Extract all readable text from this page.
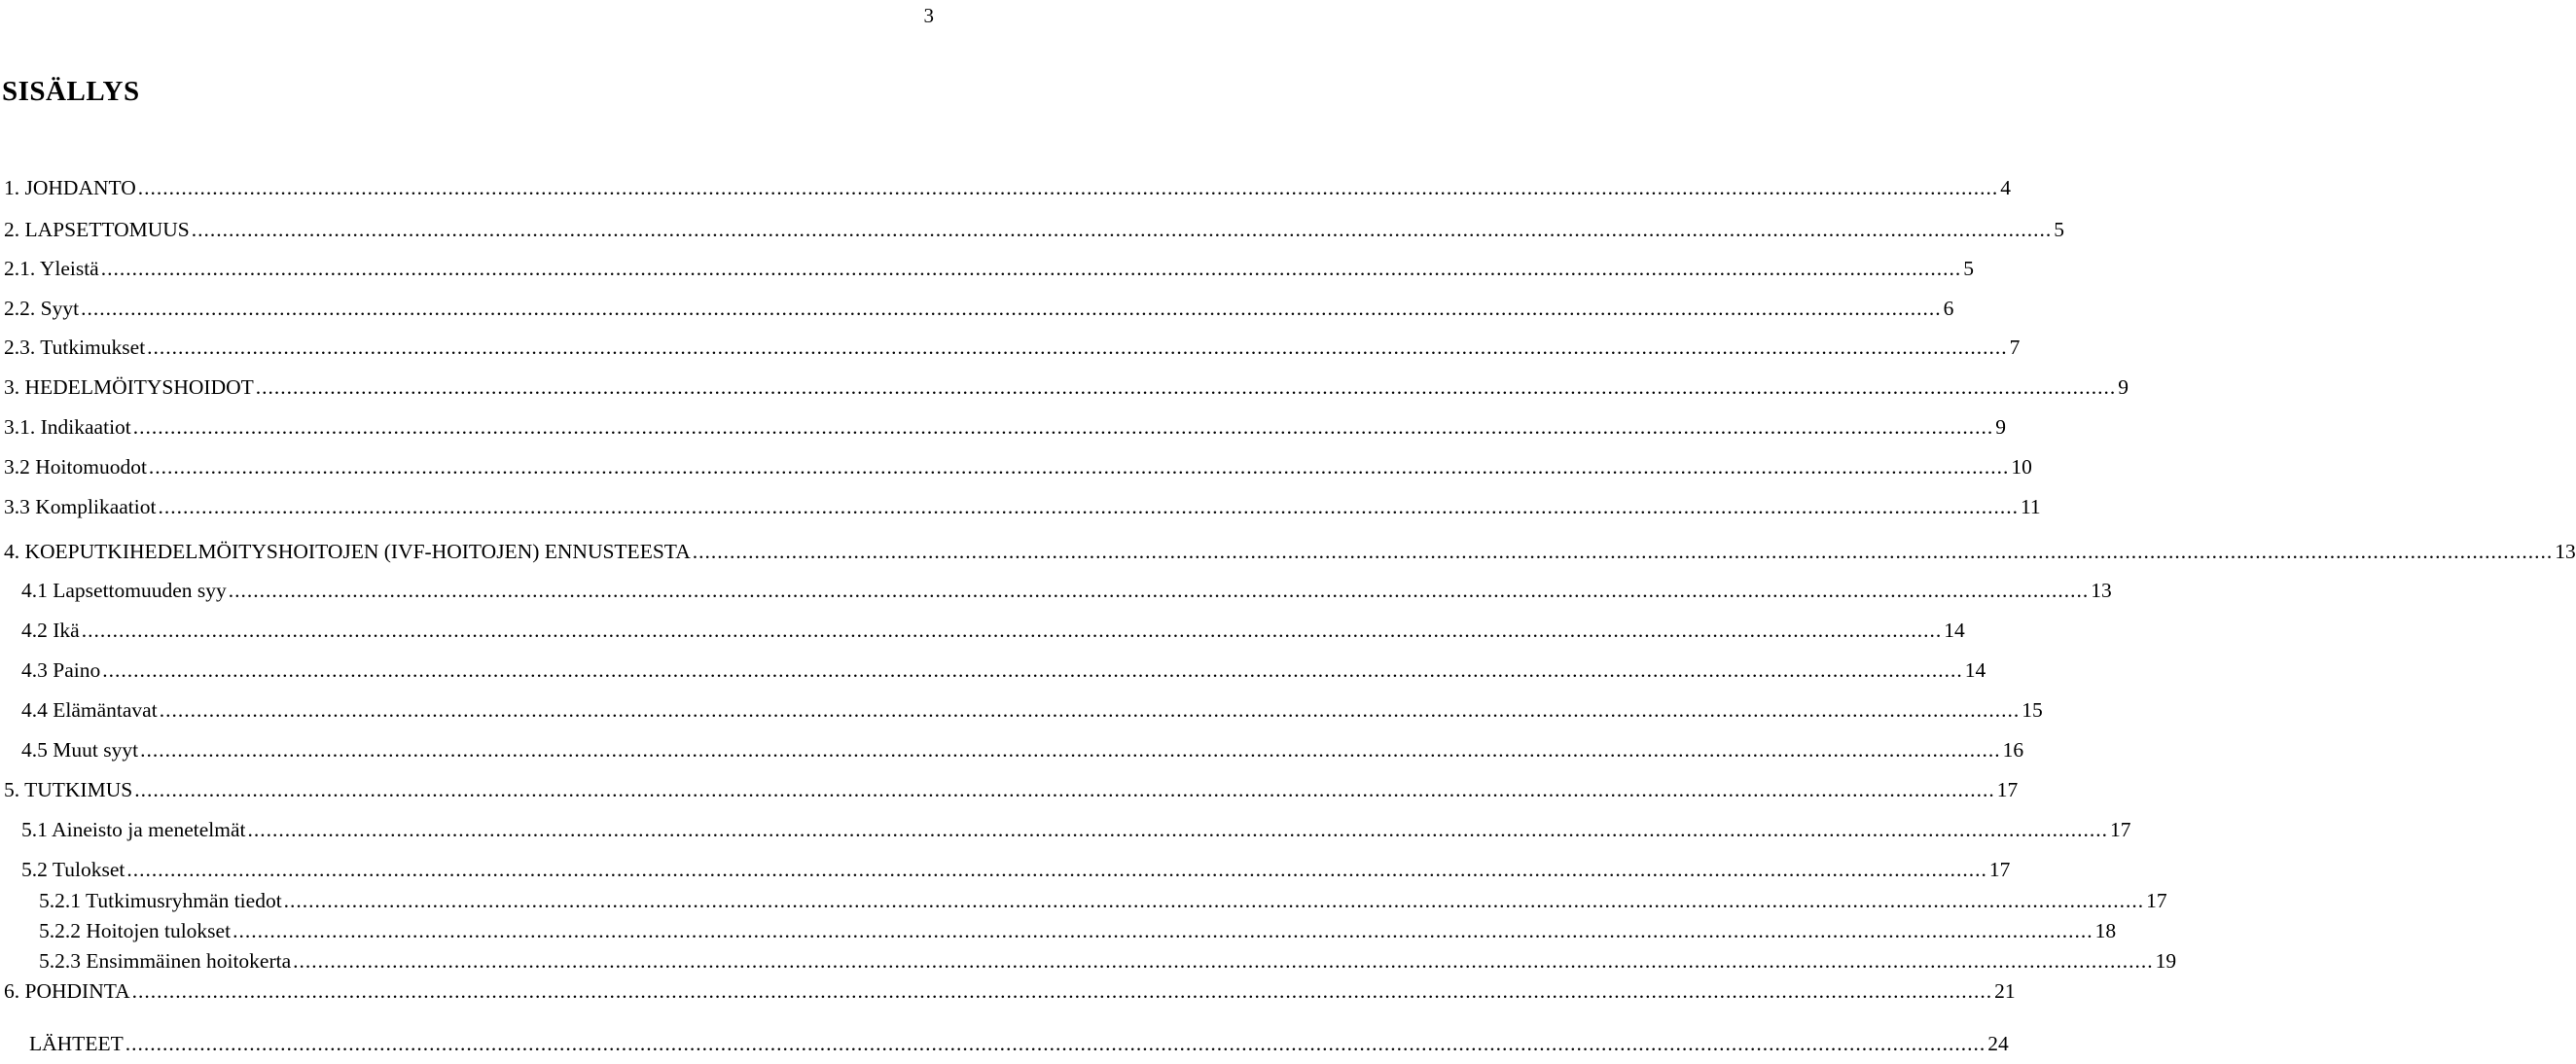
3
SISÄLLYS
1. JOHDANTO ............................................................................................................................................................................................................................................................................................................ 4
2. LAPSETTOMUUS ............................................................................................................................................................................................................................................................................................................ 5
2.1. Yleistä ............................................................................................................................................................................................................................................................................................................ 5
2.2. Syyt ............................................................................................................................................................................................................................................................................................................ 6
2.3. Tutkimukset ............................................................................................................................................................................................................................................................................................................ 7
3. HEDELMÖITYSHOIDOT ............................................................................................................................................................................................................................................................................................................ 9
3.1. Indikaatiot ............................................................................................................................................................................................................................................................................................................ 9
3.2 Hoitomuodot ............................................................................................................................................................................................................................................................................................................ 10
3.3 Komplikaatiot ............................................................................................................................................................................................................................................................................................................ 11
4. KOEPUTKIHEDELMÖITYSHOITOJEN (IVF-HOITOJEN) ENNUSTEESTA ............................................................................................................................................................................................................................................................................................................ 13
4.1 Lapsettomuuden syy ............................................................................................................................................................................................................................................................................................................ 13
4.2 Ikä ............................................................................................................................................................................................................................................................................................................ 14
4.3 Paino ............................................................................................................................................................................................................................................................................................................ 14
4.4 Elämäntavat ............................................................................................................................................................................................................................................................................................................ 15
4.5 Muut syyt ............................................................................................................................................................................................................................................................................................................ 16
5. TUTKIMUS ............................................................................................................................................................................................................................................................................................................ 17
5.1 Aineisto ja menetelmät ............................................................................................................................................................................................................................................................................................................ 17
5.2 Tulokset ............................................................................................................................................................................................................................................................................................................ 17
5.2.1 Tutkimusryhmän tiedot ............................................................................................................................................................................................................................................................................................................ 17
5.2.2 Hoitojen tulokset ............................................................................................................................................................................................................................................................................................................ 18
5.2.3 Ensimmäinen hoitokerta ............................................................................................................................................................................................................................................................................................................ 19
6. POHDINTA ............................................................................................................................................................................................................................................................................................................ 21
LÄHTEET ............................................................................................................................................................................................................................................................................................................ 24
